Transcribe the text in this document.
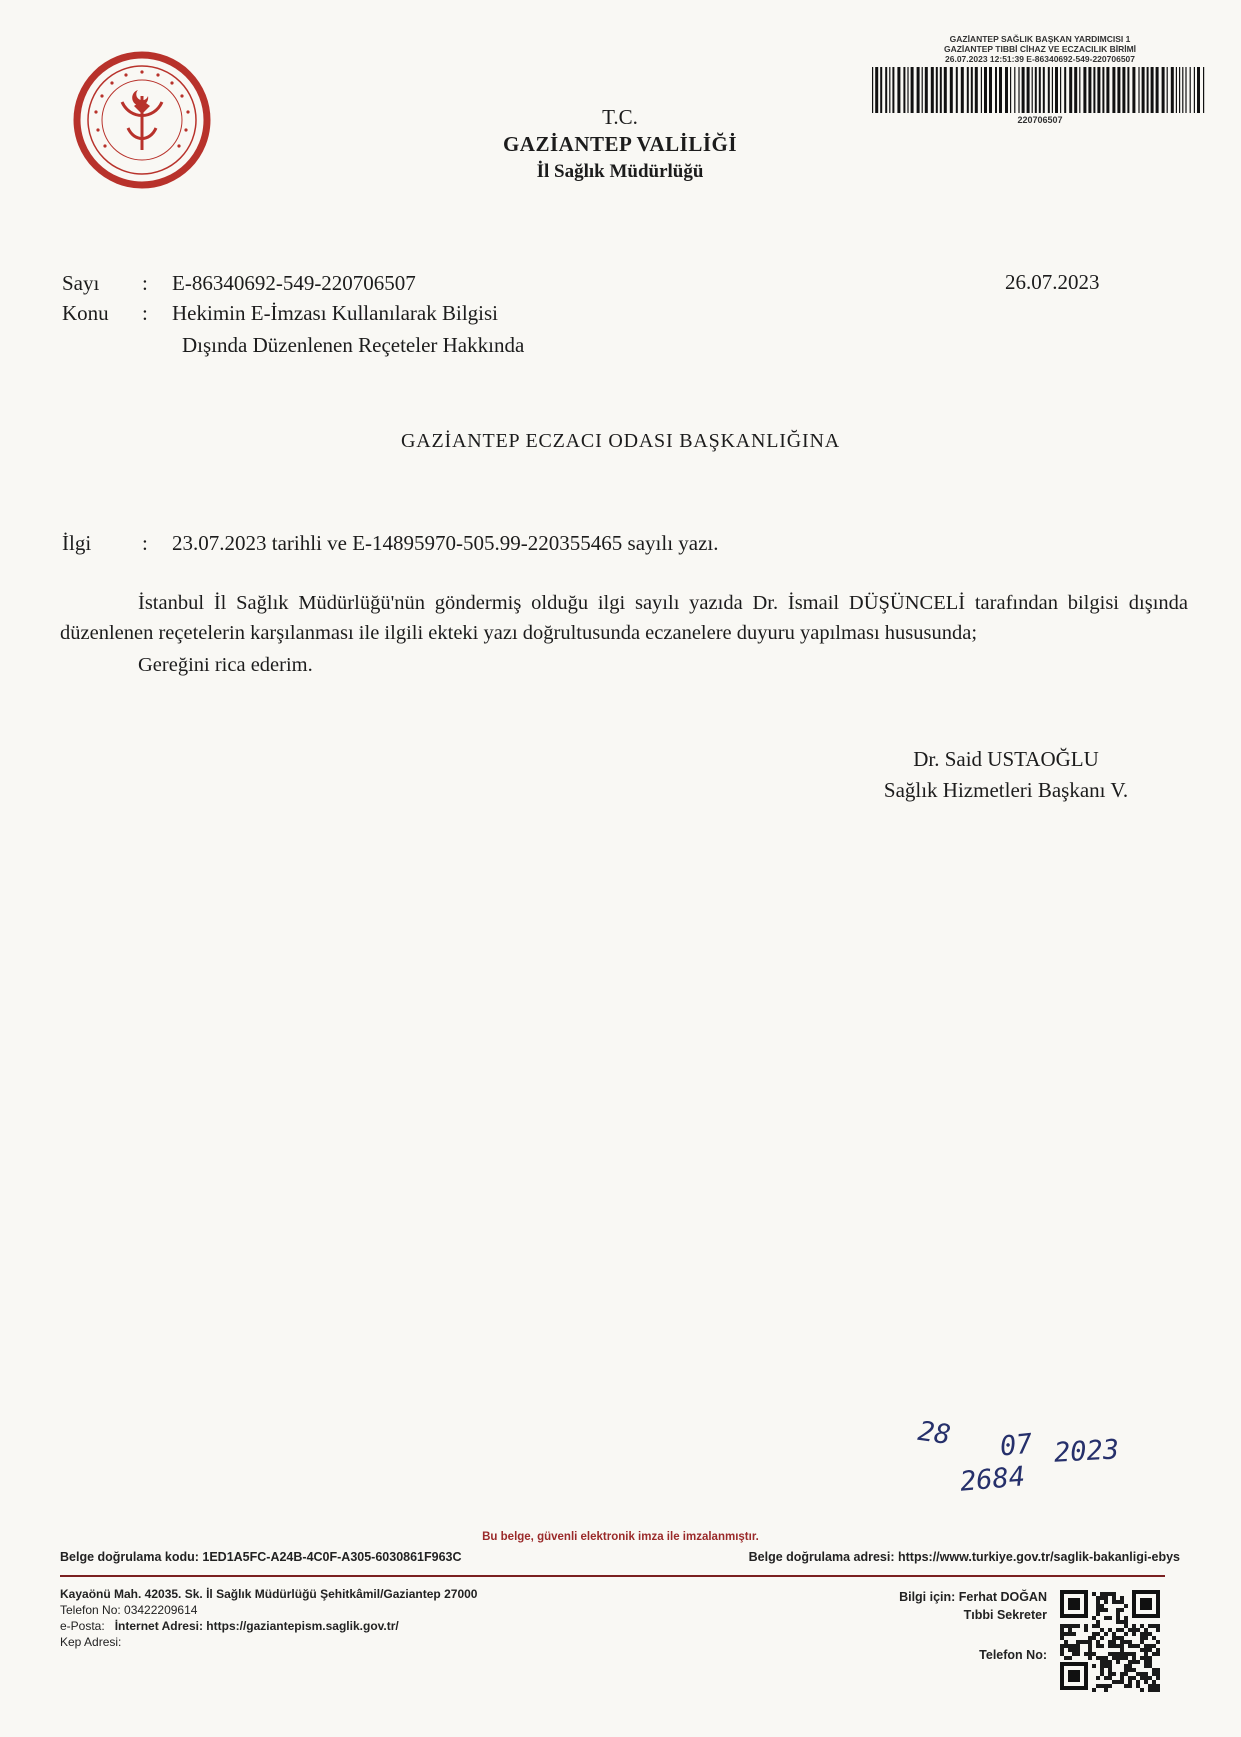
GAZİANTEP SAĞLIK BAŞKAN YARDIMCISI 1
GAZİANTEP TIBBİ CİHAZ VE ECZACILIK BİRİMİ
26.07.2023 12:51:39 E-86340692-549-220706507
220706507
T.C.
GAZİANTEP VALİLİĞİ
İl Sağlık Müdürlüğü
Sayı : E-86340692-549-220706507
Konu : Hekimin E-İmzası Kullanılarak Bilgisi
Dışında Düzenlenen Reçeteler Hakkında
26.07.2023
GAZİANTEP ECZACI ODASI BAŞKANLIĞINA
İlgi : 23.07.2023 tarihli ve E-14895970-505.99-220355465 sayılı yazı.

İstanbul İl Sağlık Müdürlüğü'nün göndermiş olduğu ilgi sayılı yazıda Dr. İsmail DÜŞÜNCELİ tarafından bilgisi dışında düzenlenen reçetelerin karşılanması ile ilgili ekteki yazı doğrultusunda eczanelere duyuru yapılması hususunda;

Gereğini rica ederim.

Dr. Said USTAOĞLU
Sağlık Hizmetleri Başkanı V.
28 07 2023
2684
Bu belge, güvenli elektronik imza ile imzalanmıştır.
Belge doğrulama kodu: 1ED1A5FC-A24B-4C0F-A305-6030861F963C	Belge doğrulama adresi: https://www.turkiye.gov.tr/saglik-bakanligi-ebys
Kayaönü Mah. 42035. Sk. İl Sağlık Müdürlüğü Şehitkâmil/Gaziantep 27000
Telefon No: 03422209614
e-Posta: İnternet Adresi: https://gaziantepism.saglik.gov.tr/
Kep Adresi:
Bilgi için: Ferhat DOĞAN
Tıbbi Sekreter
Telefon No:
